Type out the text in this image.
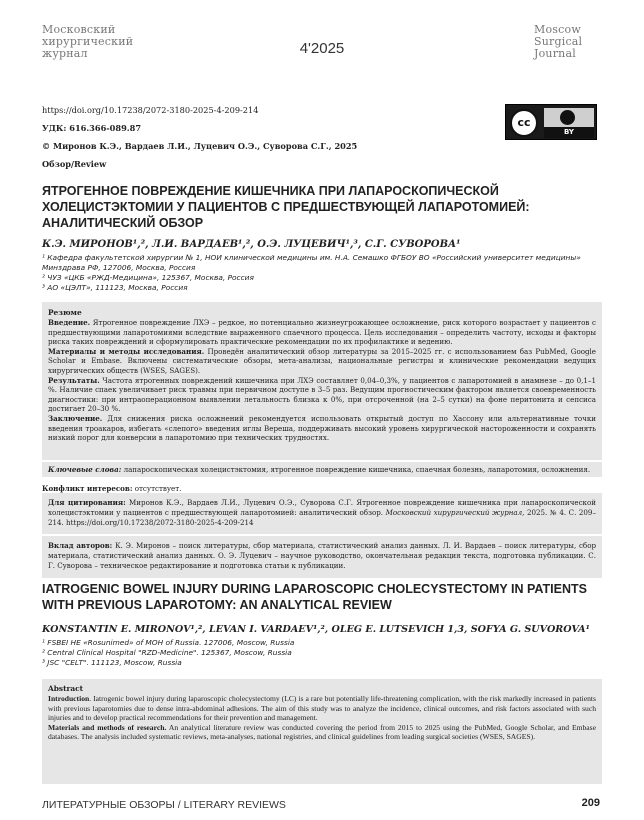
Московский
хирургический
журнал	4'2025
Moscow
Surgical
Journal
https://doi.org/10.17238/2072-3180-2025-4-209-214
УДК: 616.366-089.87
© Миронов К.Э., Вардаев Л.И., Луцевич О.Э., Суворова С.Г., 2025
Обзор/Review
cc
BY
ЯТРОГЕННОЕ ПОВРЕЖДЕНИЕ КИШЕЧНИКА ПРИ ЛАПАРОСКОПИЧЕСКОЙ ХОЛЕЦИСТЭКТОМИИ У ПАЦИЕНТОВ С ПРЕДШЕСТВУЮЩЕЙ ЛАПАРОТОМИЕЙ: АНАЛИТИЧЕСКИЙ ОБЗОР
К.Э. МИРОНОВ¹,², Л.И. ВАРДАЕВ¹,², О.Э. ЛУЦЕВИЧ¹,³, С.Г. СУВОРОВА¹
¹ Кафедра факультетской хирургии № 1, НОИ клинической медицины им. Н.А. Семашко ФГБОУ ВО «Российский университет медицины» Минздрава РФ, 127006, Москва, Россия
² ЧУЗ «ЦКБ «РЖД-Медицина», 125367, Москва, Россия
³ АО «ЦЭЛТ», 111123, Москва, Россия
Резюме

Введение. Ятрогенное повреждение ЛХЭ – редкое, но потенциально жизнеугрожающее осложнение, риск которого возрастает у пациентов с предшествующими лапаротомиями вследствие выраженного спаечного процесса. Цель исследования – определить частоту, исходы и факторы риска таких повреждений и сформулировать практические рекомендации по их профилактике и ведению.

Материалы и методы исследования. Проведён аналитический обзор литературы за 2015–2025 гг. с использованием баз PubMed, Google Scholar и Embase. Включены систематические обзоры, мета-анализы, национальные регистры и клинические рекомендации ведущих хирургических обществ (WSES, SAGES).

Результаты. Частота ятрогенных повреждений кишечника при ЛХЭ составляет 0,04–0,3%, у пациентов с лапаротомией в анамнезе – до 0,1–1 %. Наличие спаек увеличивает риск травмы при первичном доступе в 3–5 раз. Ведущим прогностическим фактором является своевременность диагностики: при интраоперационном выявлении летальность близка к 0%, при отсроченной (на 2–5 сутки) на фоне перитонита и сепсиса достигает 20–30 %.

Заключение. Для снижения риска осложнений рекомендуется использовать открытый доступ по Хассону или альтернативные точки введения троакаров, избегать «слепого» введения иглы Вереша, поддерживать высокий уровень хирургической настороженности и сохранять низкий порог для конверсии в лапаротомию при технических трудностях.

Ключевые слова: лапароскопическая холецистэктомия, ятрогенное повреждение кишечника, спаечная болезнь, лапаротомия, осложнения.
Конфликт интересов: отсутствует.
Для цитирования: Миронов К.Э., Вардаев Л.И., Луцевич О.Э., Суворова С.Г. Ятрогенное повреждение кишечника при лапароскопической холецистэктомии у пациентов с предшествующей лапаротомией: аналитический обзор. Московский хирургический журнал, 2025. № 4. С. 209–214. https://doi.org/10.17238/2072-3180-2025-4-209-214
Вклад авторов: К. Э. Миронов – поиск литературы, сбор материала, статистический анализ данных. Л. И. Вардаев – поиск литературы, сбор материала, статистический анализ данных. О. Э. Луцевич – научное руководство, окончательная редакция текста, подготовка публикации. С. Г. Суворова – техническое редактирование и подготовка статьи к публикации.
IATROGENIC BOWEL INJURY DURING LAPAROSCOPIC CHOLECYSTECTOMY IN PATIENTS WITH PREVIOUS LAPAROTOMY: AN ANALYTICAL REVIEW
KONSTANTIN E. MIRONOV¹,², LEVAN I. VARDAEV¹,², OLEG E. LUTSEVICH 1,3, SOFYA G. SUVOROVA¹
¹ FSBEI HE «Rosunimed» of MOH of Russia. 127006, Moscow, Russia
² Central Clinical Hospital "RZD-Medicine". 125367, Moscow, Russia
³ JSC "CELT". 111123, Moscow, Russia
Abstract

Introduction. Iatrogenic bowel injury during laparoscopic cholecystectomy (LC) is a rare but potentially life-threatening complication, with the risk markedly increased in patients with previous laparotomies due to dense intra-abdominal adhesions. The aim of this study was to analyze the incidence, clinical outcomes, and risk factors associated with such injuries and to develop practical recommendations for their prevention and management.

Materials and methods of research. An analytical literature review was conducted covering the period from 2015 to 2025 using the PubMed, Google Scholar, and Embase databases. The analysis included systematic reviews, meta-analyses, national registries, and clinical guidelines from leading surgical societies (WSES, SAGES).

ЛИТЕРАТУРНЫЕ ОБЗОРЫ / LITERARY REVIEWS	209
